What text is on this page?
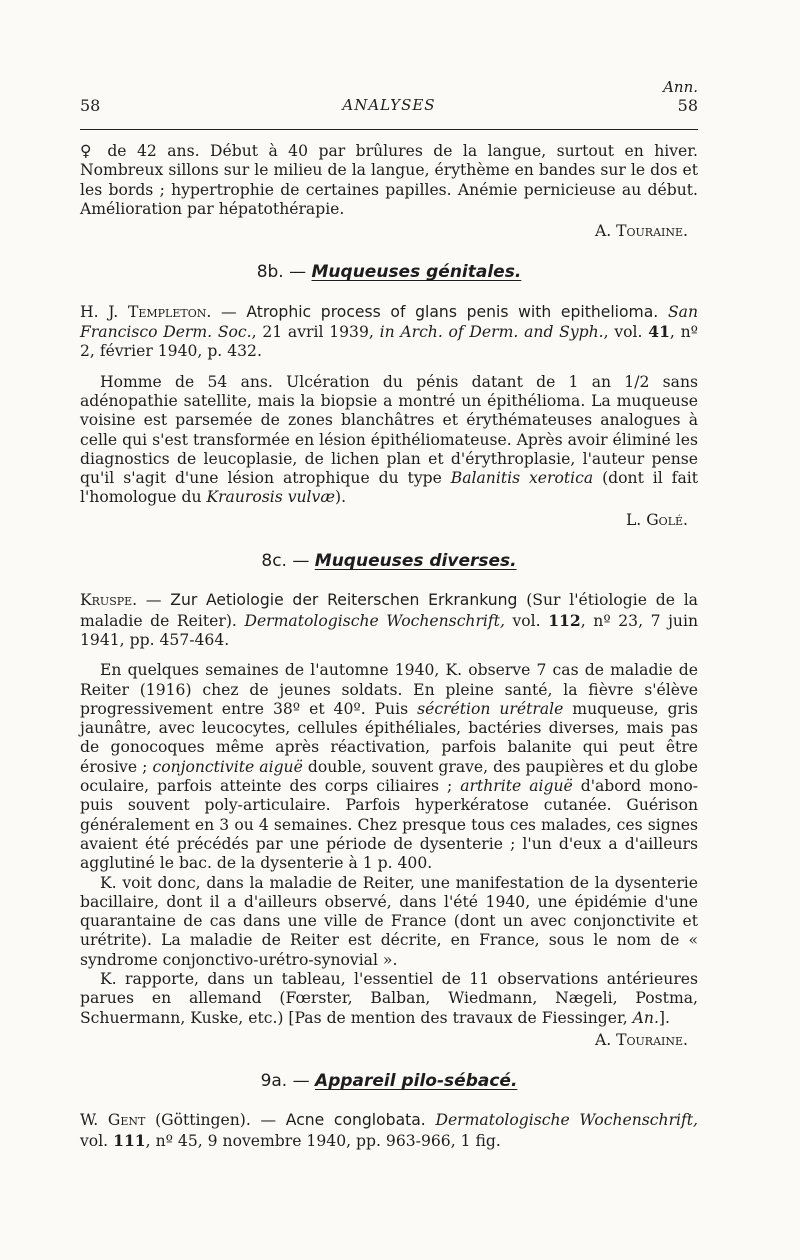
Ann.
58	ANALYSES	58

♀ de 42 ans. Début à 40 par brûlures de la langue, surtout en hiver. Nombreux sillons sur le milieu de la langue, érythème en bandes sur le dos et les bords ; hypertrophie de certaines papilles. Anémie pernicieuse au début. Amélioration par hépatothérapie.

A. Touraine.

8b. — Muqueuses génitales.

H. J. Templeton. — Atrophic process of glans penis with epithelioma. San Francisco Derm. Soc., 21 avril 1939, in Arch. of Derm. and Syph., vol. 41, nº 2, février 1940, p. 432.

Homme de 54 ans. Ulcération du pénis datant de 1 an 1/2 sans adénopathie satellite, mais la biopsie a montré un épithélioma. La muqueuse voisine est parsemée de zones blanchâtres et érythémateuses analogues à celle qui s'est transformée en lésion épithéliomateuse. Après avoir éliminé les diagnostics de leucoplasie, de lichen plan et d'érythroplasie, l'auteur pense qu'il s'agit d'une lésion atrophique du type Balanitis xerotica (dont il fait l'homologue du Kraurosis vulvæ).

L. Golé.

8c. — Muqueuses diverses.

Kruspe. — Zur Aetiologie der Reiterschen Erkrankung (Sur l'étiologie de la maladie de Reiter). Dermatologische Wochenschrift, vol. 112, nº 23, 7 juin 1941, pp. 457-464.

En quelques semaines de l'automne 1940, K. observe 7 cas de maladie de Reiter (1916) chez de jeunes soldats. En pleine santé, la fièvre s'élève progressivement entre 38º et 40º. Puis sécrétion urétrale muqueuse, gris jaunâtre, avec leucocytes, cellules épithéliales, bactéries diverses, mais pas de gonocoques même après réactivation, parfois balanite qui peut être érosive ; conjonctivite aiguë double, souvent grave, des paupières et du globe oculaire, parfois atteinte des corps ciliaires ; arthrite aiguë d'abord mono- puis souvent poly-articulaire. Parfois hyperkératose cutanée. Guérison généralement en 3 ou 4 semaines. Chez presque tous ces malades, ces signes avaient été précédés par une période de dysenterie ; l'un d'eux a d'ailleurs agglutiné le bac. de la dysenterie à 1 p. 400.

K. voit donc, dans la maladie de Reiter, une manifestation de la dysenterie bacillaire, dont il a d'ailleurs observé, dans l'été 1940, une épidémie d'une quarantaine de cas dans une ville de France (dont un avec conjonctivite et urétrite). La maladie de Reiter est décrite, en France, sous le nom de « syndrome conjonctivo-urétro-synovial ».

K. rapporte, dans un tableau, l'essentiel de 11 observations antérieures parues en allemand (Fœrster, Balban, Wiedmann, Nægeli, Postma, Schuermann, Kuske, etc.) [Pas de mention des travaux de Fiessinger, An.].

A. Touraine.

9a. — Appareil pilo-sébacé.

W. Gent (Göttingen). — Acne conglobata. Dermatologische Wochenschrift, vol. 111, nº 45, 9 novembre 1940, pp. 963-966, 1 fig.
